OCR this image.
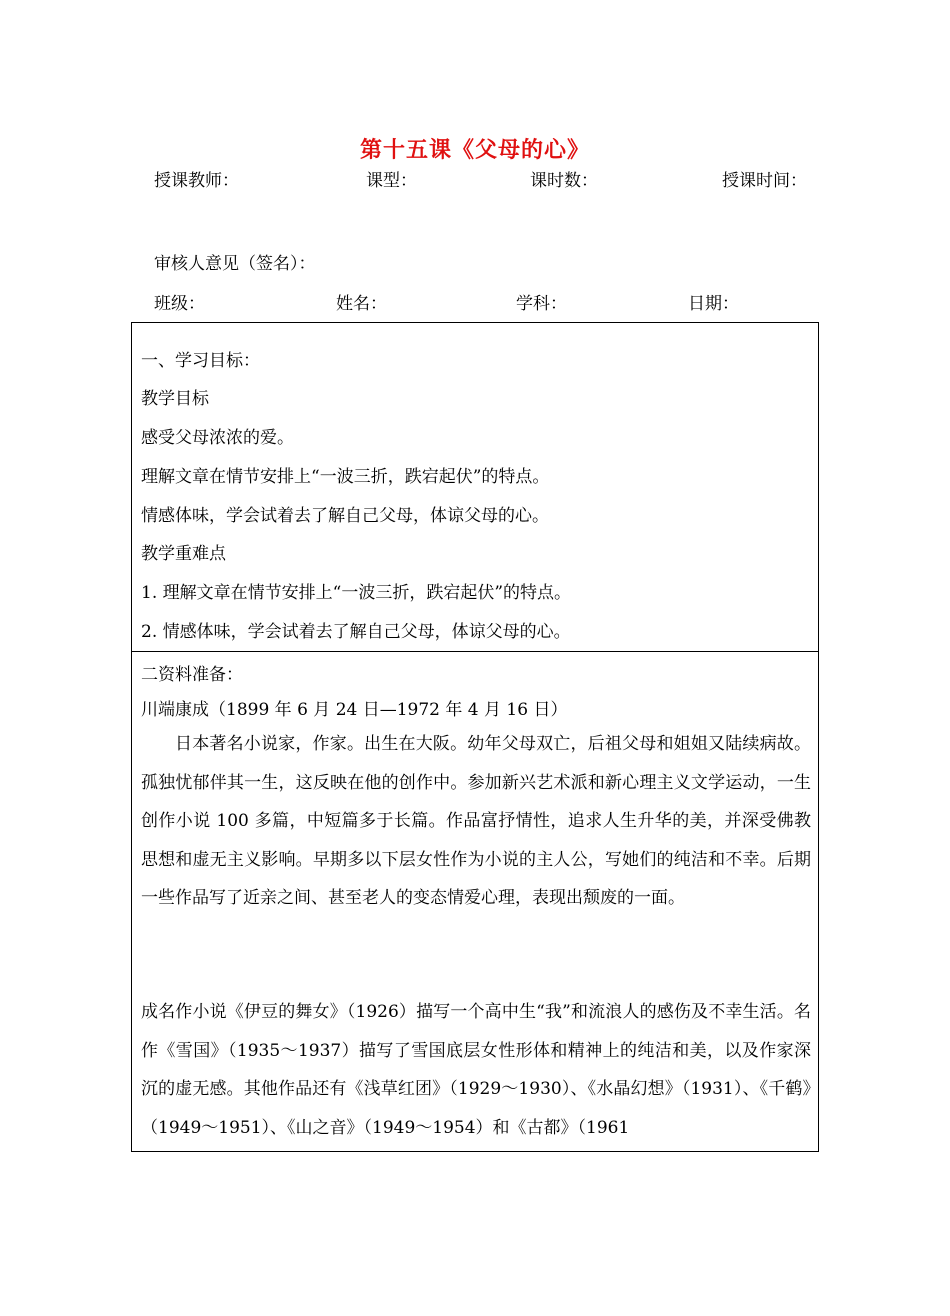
第十五课《父母的心》
授课教师：	课型：	课时数：	授课时间：
审核人意见（签名）：
班级：	姓名：	学科：	日期：
一、学习目标：
教学目标
感受父母浓浓的爱。
理解文章在情节安排上“一波三折，跌宕起伏”的特点。
情感体味，学会试着去了解自己父母，体谅父母的心。
教学重难点
1. 理解文章在情节安排上“一波三折，跌宕起伏”的特点。
2. 情感体味，学会试着去了解自己父母，体谅父母的心。
二资料准备：
川端康成（1899 年 6 月 24 日—1972 年 4 月 16 日）
日本著名小说家，作家。出生在大阪。幼年父母双亡，后祖父母和姐姐又陆续病故。孤独忧郁伴其一生，这反映在他的创作中。参加新兴艺术派和新心理主义文学运动，一生创作小说 100 多篇，中短篇多于长篇。作品富抒情性，追求人生升华的美，并深受佛教思想和虚无主义影响。早期多以下层女性作为小说的主人公，写她们的纯洁和不幸。后期一些作品写了近亲之间、甚至老人的变态情爱心理，表现出颓废的一面。
成名作小说《伊豆的舞女》（1926）描写一个高中生“我”和流浪人的感伤及不幸生活。名作《雪国》（1935～1937）描写了雪国底层女性形体和精神上的纯洁和美，以及作家深沉的虚无感。其他作品还有《浅草红团》（1929～1930）、《水晶幻想》（1931）、《千鹤》（1949～1951）、《山之音》（1949～1954）和《古都》（1961
